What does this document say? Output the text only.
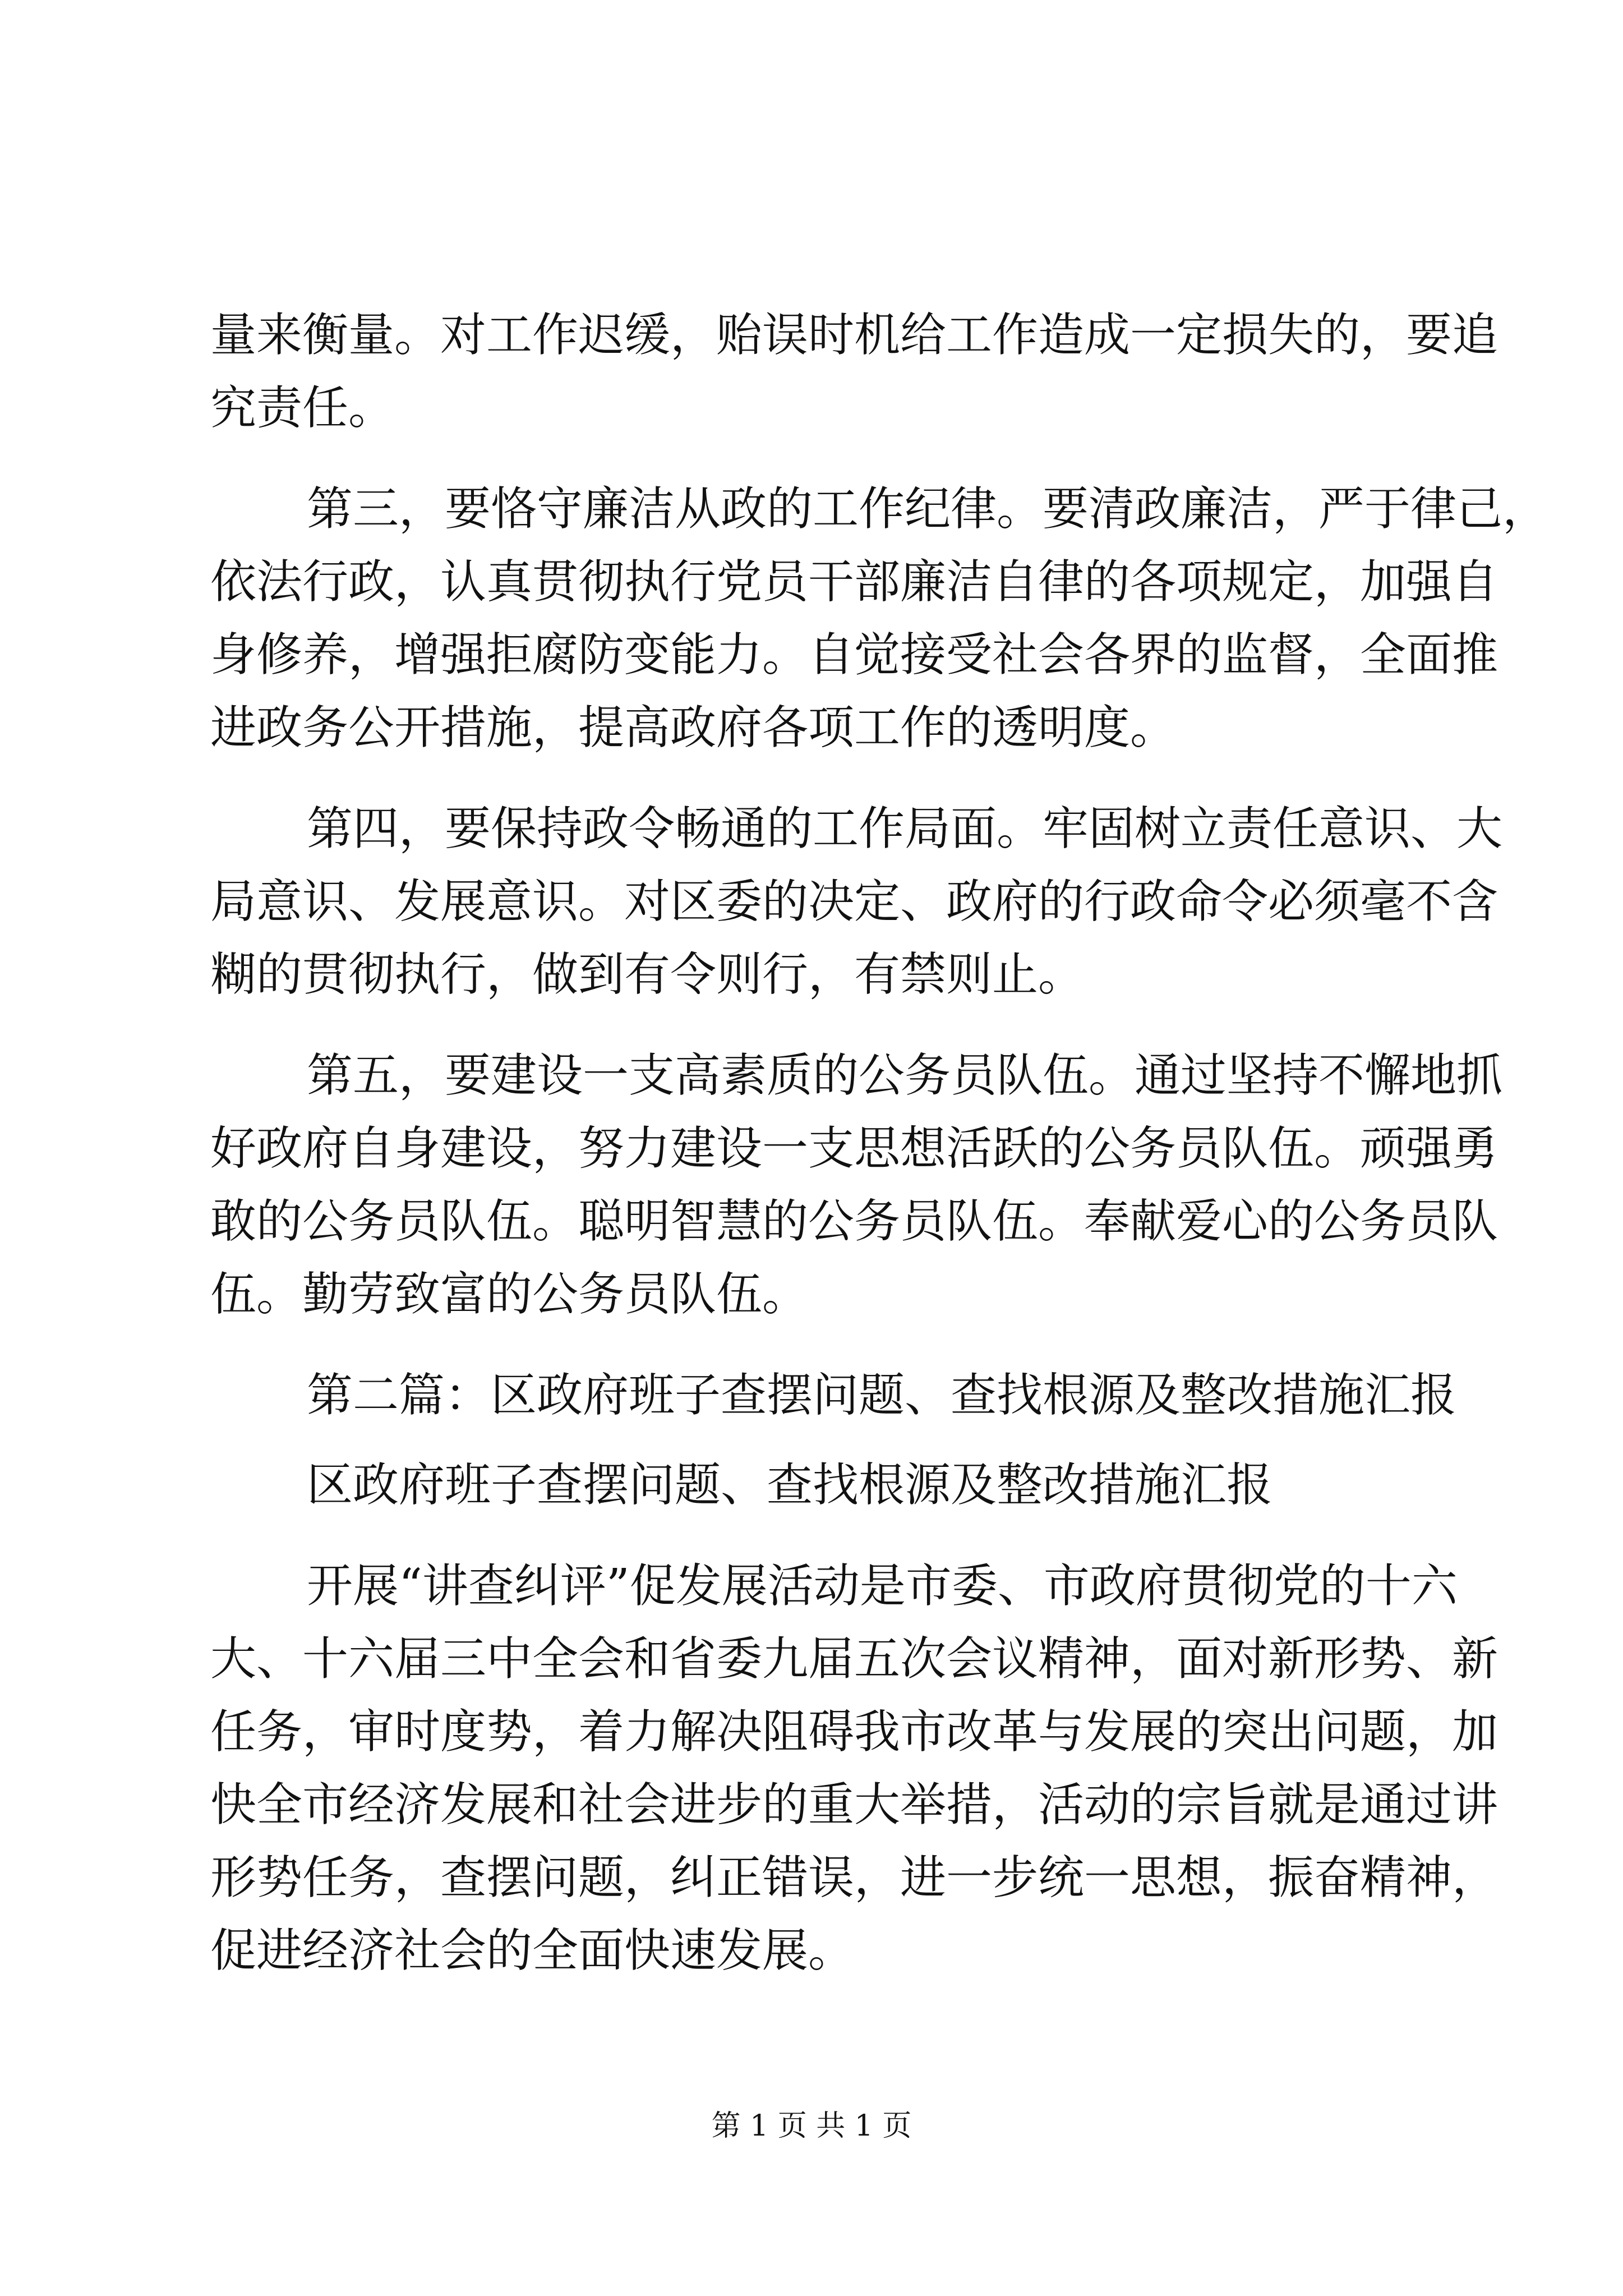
量来衡量。对工作迟缓，贻误时机给工作造成一定损失的，要追
究责任。
第三，要恪守廉洁从政的工作纪律。要清政廉洁，严于律己，
依法行政，认真贯彻执行党员干部廉洁自律的各项规定，加强自
身修养，增强拒腐防变能力。自觉接受社会各界的监督，全面推
进政务公开措施，提高政府各项工作的透明度。
第四，要保持政令畅通的工作局面。牢固树立责任意识、大
局意识、发展意识。对区委的决定、政府的行政命令必须毫不含
糊的贯彻执行，做到有令则行，有禁则止。
第五，要建设一支高素质的公务员队伍。通过坚持不懈地抓
好政府自身建设，努力建设一支思想活跃的公务员队伍。顽强勇
敢的公务员队伍。聪明智慧的公务员队伍。奉献爱心的公务员队
伍。勤劳致富的公务员队伍。
第二篇：区政府班子查摆问题、查找根源及整改措施汇报
区政府班子查摆问题、查找根源及整改措施汇报
开展“讲查纠评”促发展活动是市委、市政府贯彻党的十六
大、十六届三中全会和省委九届五次会议精神，面对新形势、新
任务，审时度势，着力解决阻碍我市改革与发展的突出问题，加
快全市经济发展和社会进步的重大举措，活动的宗旨就是通过讲
形势任务，查摆问题，纠正错误，进一步统一思想，振奋精神，
促进经济社会的全面快速发展。
第 1 页 共 1 页
